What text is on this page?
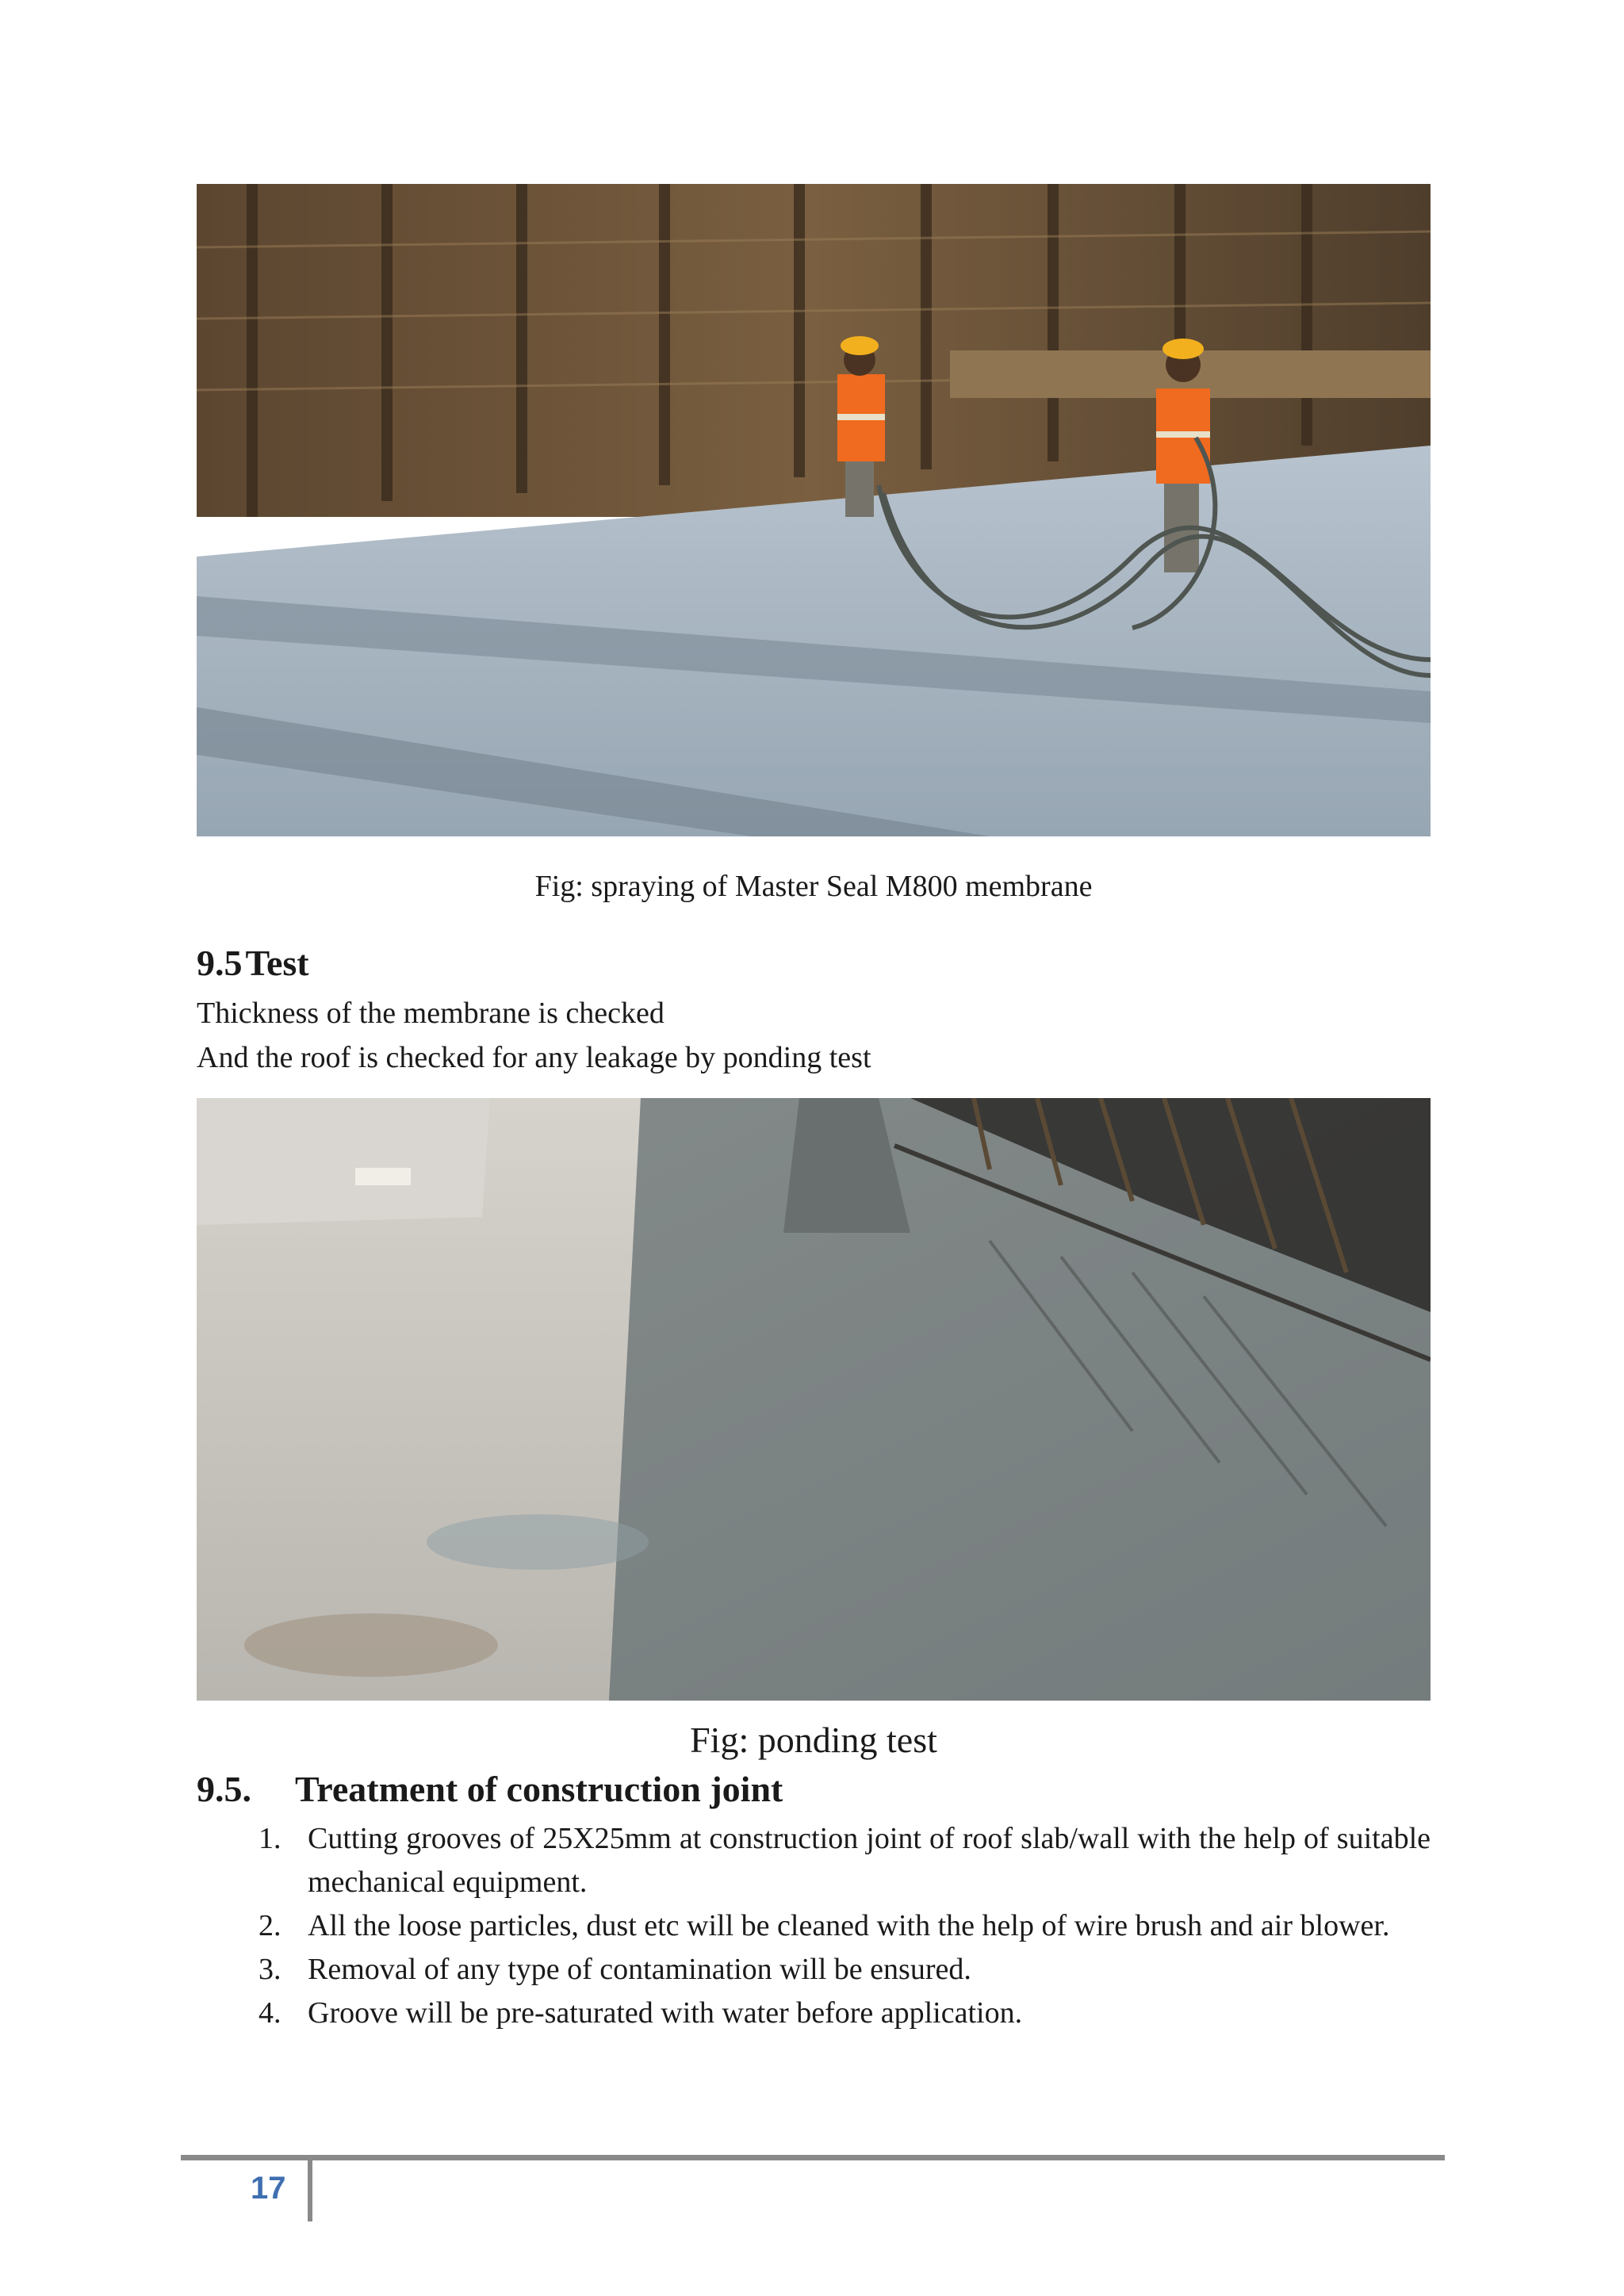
Fig: spraying of Master Seal M800 membrane
9.5Test
Thickness of the membrane is checked
And the roof is checked for any leakage by ponding test
Fig: ponding test
9.5. Treatment of construction joint
1. Cutting grooves of 25X25mm at construction joint of roof slab/wall with the help of suitable mechanical equipment.
2. All the loose particles, dust etc will be cleaned with the help of wire brush and air blower.
3. Removal of any type of contamination will be ensured.
4. Groove will be pre-saturated with water before application.
17
